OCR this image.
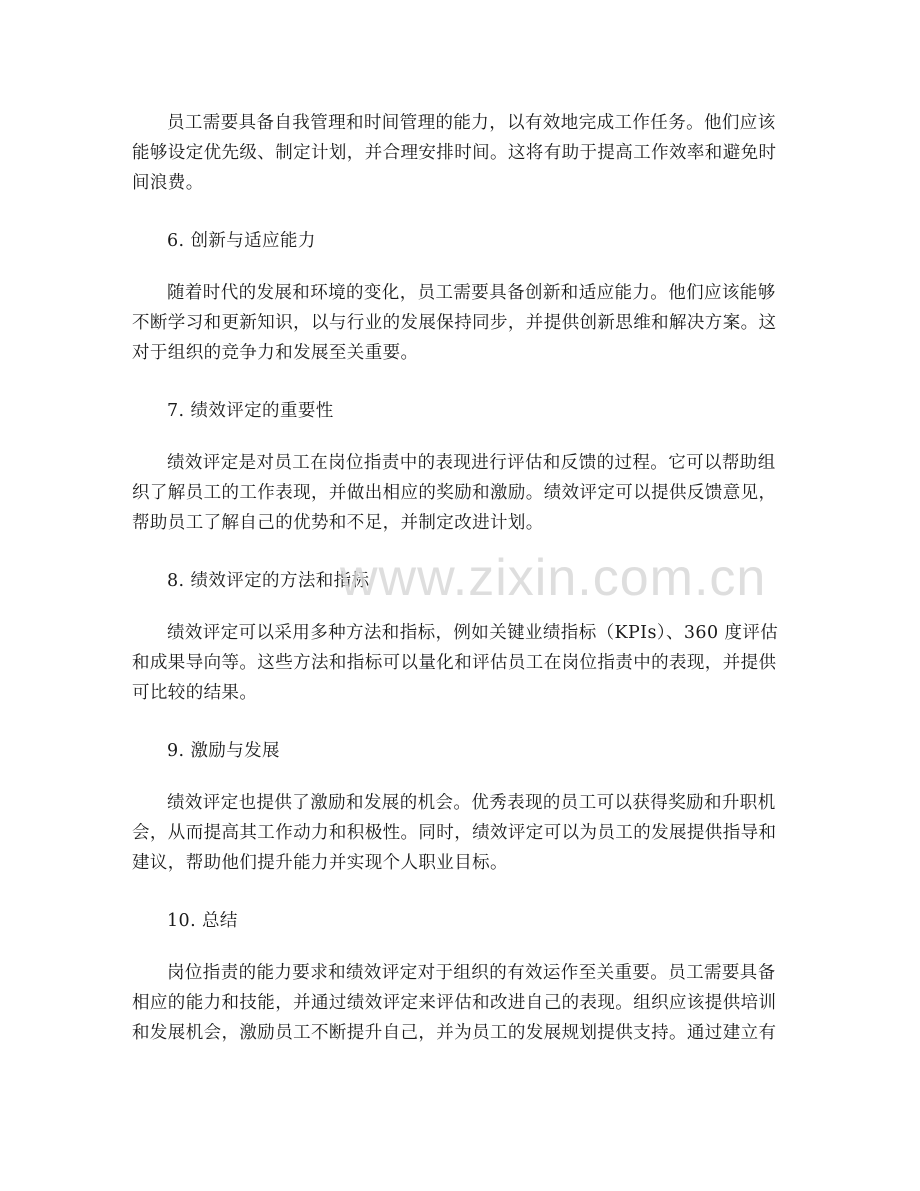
员工需要具备自我管理和时间管理的能力，以有效地完成工作任务。他们应该能够设定优先级、制定计划，并合理安排时间。这将有助于提高工作效率和避免时间浪费。

6. 创新与适应能力

随着时代的发展和环境的变化，员工需要具备创新和适应能力。他们应该能够不断学习和更新知识，以与行业的发展保持同步，并提供创新思维和解决方案。这对于组织的竞争力和发展至关重要。

7. 绩效评定的重要性

绩效评定是对员工在岗位指责中的表现进行评估和反馈的过程。它可以帮助组织了解员工的工作表现，并做出相应的奖励和激励。绩效评定可以提供反馈意见，帮助员工了解自己的优势和不足，并制定改进计划。

8. 绩效评定的方法和指标

绩效评定可以采用多种方法和指标，例如关键业绩指标（KPIs）、360 度评估和成果导向等。这些方法和指标可以量化和评估员工在岗位指责中的表现，并提供可比较的结果。

9. 激励与发展

绩效评定也提供了激励和发展的机会。优秀表现的员工可以获得奖励和升职机会，从而提高其工作动力和积极性。同时，绩效评定可以为员工的发展提供指导和建议，帮助他们提升能力并实现个人职业目标。

10. 总结

岗位指责的能力要求和绩效评定对于组织的有效运作至关重要。员工需要具备相应的能力和技能，并通过绩效评定来评估和改进自己的表现。组织应该提供培训和发展机会，激励员工不断提升自己，并为员工的发展规划提供支持。通过建立有

www.zixin.com.cn
